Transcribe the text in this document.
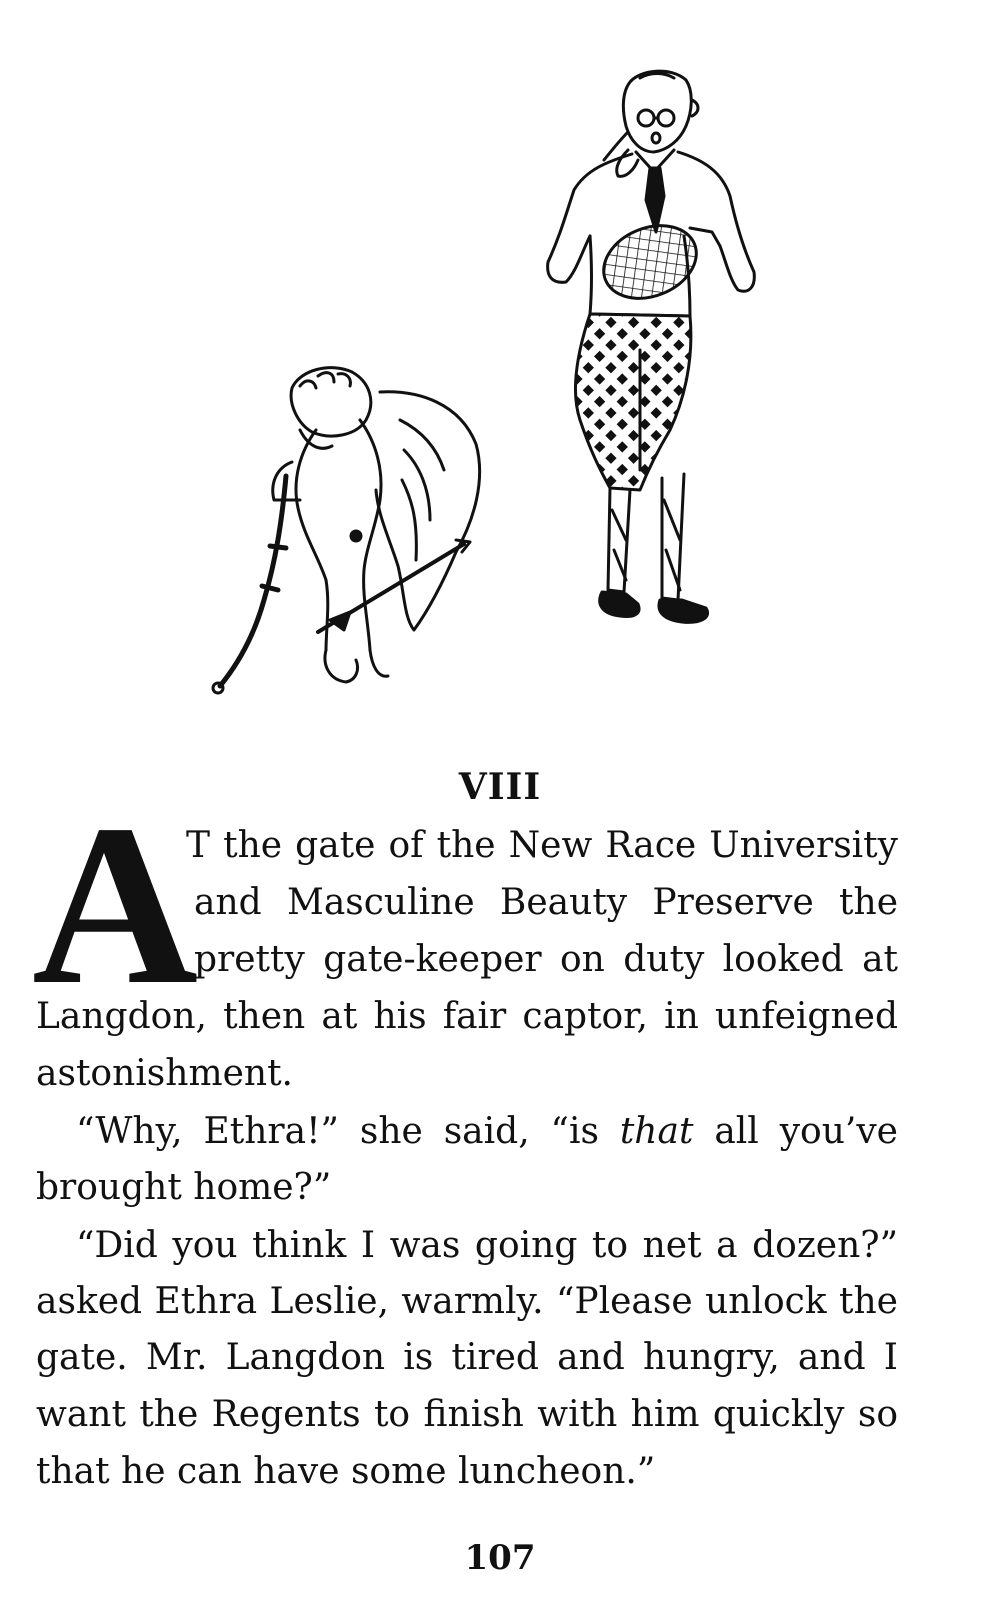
VIII
A
T the gate of the New Race University
and Masculine Beauty Preserve the
pretty gate-keeper on duty looked at
Langdon, then at his fair captor, in unfeigned
astonishment.
“Why, Ethra!” she said, “is that all you’ve
brought home?”
“Did you think I was going to net a dozen?”
asked Ethra Leslie, warmly. “Please unlock the
gate. Mr. Langdon is tired and hungry, and I
want the Regents to finish with him quickly so
that he can have some luncheon.”
107
